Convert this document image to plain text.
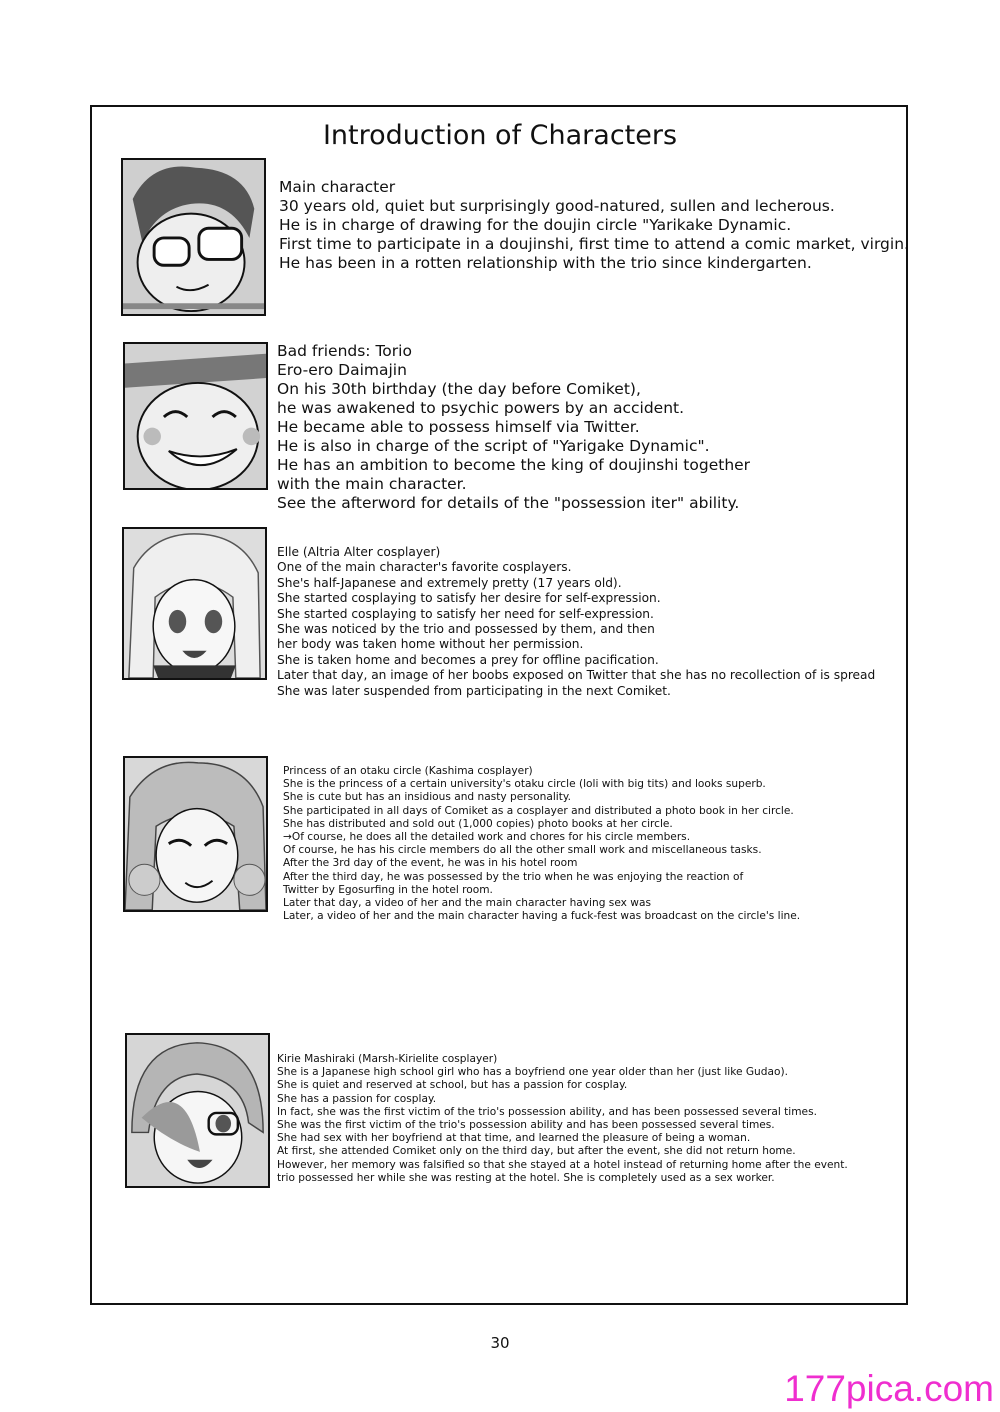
Introduction of Characters
Main character
30 years old, quiet but surprisingly good-natured, sullen and lecherous.
He is in charge of drawing for the doujin circle "Yarikake Dynamic.
First time to participate in a doujinshi, first time to attend a comic market, virgin.
He has been in a rotten relationship with the trio since kindergarten.
Bad friends: Torio
Ero-ero Daimajin
On his 30th birthday (the day before Comiket),
he was awakened to psychic powers by an accident.
He became able to possess himself via Twitter.
He is also in charge of the script of "Yarigake Dynamic".
He has an ambition to become the king of doujinshi together
with the main character.
See the afterword for details of the "possession iter" ability.
Elle (Altria Alter cosplayer)
One of the main character's favorite cosplayers.
She's half-Japanese and extremely pretty (17 years old).
She started cosplaying to satisfy her desire for self-expression.
She started cosplaying to satisfy her need for self-expression.
She was noticed by the trio and possessed by them, and then
her body was taken home without her permission.
She is taken home and becomes a prey for offline pacification.
Later that day, an image of her boobs exposed on Twitter that she has no recollection of is spread
She was later suspended from participating in the next Comiket.
Princess of an otaku circle (Kashima cosplayer)
She is the princess of a certain university's otaku circle (loli with big tits) and looks superb.
She is cute but has an insidious and nasty personality.
She participated in all days of Comiket as a cosplayer and distributed a photo book in her circle.
She has distributed and sold out (1,000 copies) photo books at her circle.
→Of course, he does all the detailed work and chores for his circle members.
Of course, he has his circle members do all the other small work and miscellaneous tasks.
After the 3rd day of the event, he was in his hotel room
After the third day, he was possessed by the trio when he was enjoying the reaction of
Twitter by Egosurfing in the hotel room.
Later that day, a video of her and the main character having sex was
Later, a video of her and the main character having a fuck-fest was broadcast on the circle's line.
Kirie Mashiraki (Marsh-Kirielite cosplayer)
She is a Japanese high school girl who has a boyfriend one year older than her (just like Gudao).
She is quiet and reserved at school, but has a passion for cosplay.
She has a passion for cosplay.
In fact, she was the first victim of the trio's possession ability, and has been possessed several times.
She was the first victim of the trio's possession ability and has been possessed several times.
She had sex with her boyfriend at that time, and learned the pleasure of being a woman.
At first, she attended Comiket only on the third day, but after the event, she did not return home.
However, her memory was falsified so that she stayed at a hotel instead of returning home after the event.
trio possessed her while she was resting at the hotel. She is completely used as a sex worker.
30
177pica.com
